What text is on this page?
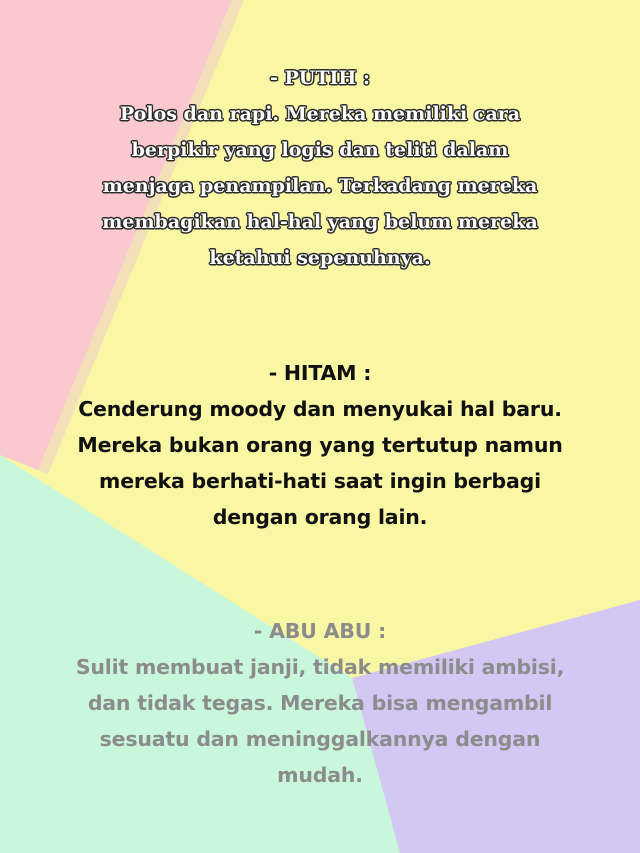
- PUTIH :

Polos dan rapi. Mereka memiliki cara

berpikir yang logis dan teliti dalam

menjaga penampilan. Terkadang mereka

membagikan hal-hal yang belum mereka

ketahui sepenuhnya.

- HITAM :

Cenderung moody dan menyukai hal baru.

Mereka bukan orang yang tertutup namun

mereka berhati-hati saat ingin berbagi

dengan orang lain.

- ABU ABU :

Sulit membuat janji, tidak memiliki ambisi,

dan tidak tegas. Mereka bisa mengambil

sesuatu dan meninggalkannya dengan

mudah.
